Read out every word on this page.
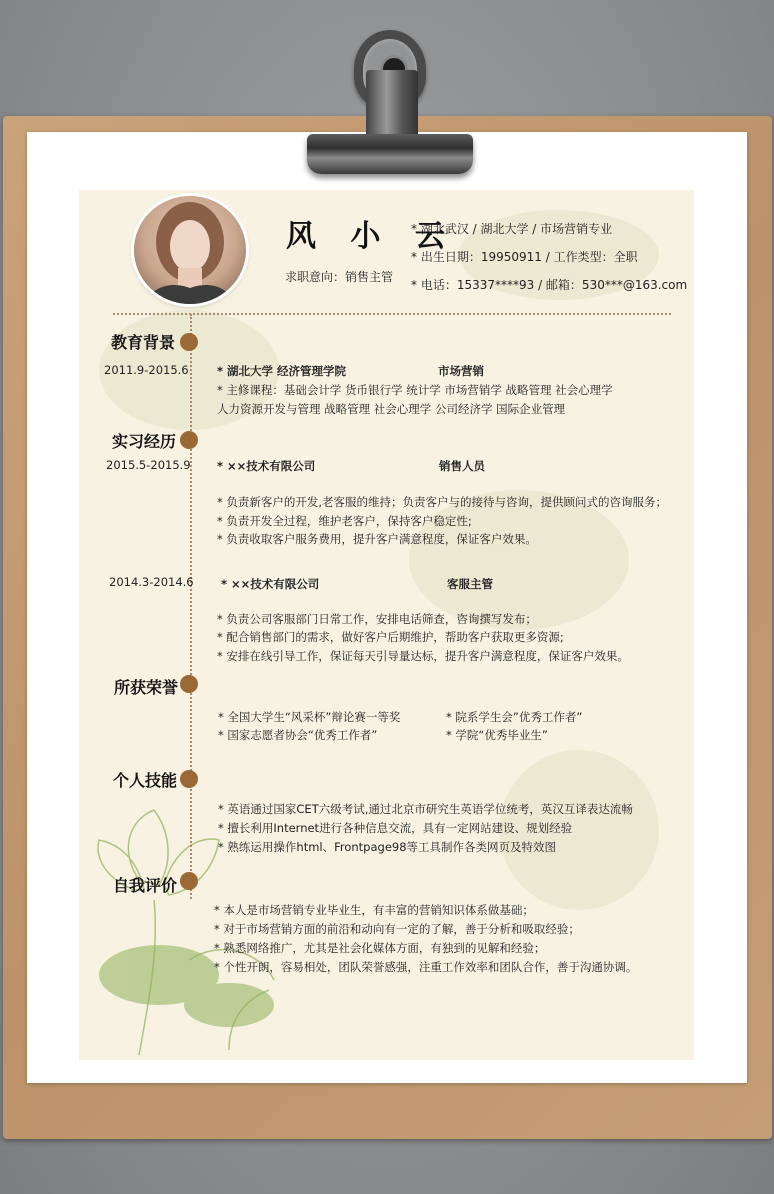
风 小 云
求职意向：销售主管
* 湖北武汉 / 湖北大学 / 市场营销专业
* 出生日期：19950911 / 工作类型：全职
* 电话：15337****93 / 邮箱：530***@163.com
教育背景
2011.9-2015.6 * 湖北大学 经济管理学院	市场营销
* 主修课程：基础会计学 货币银行学 统计学 市场营销学 战略管理 社会心理学
人力资源开发与管理 战略管理 社会心理学 公司经济学 国际企业管理
实习经历
2015.5-2015.9 * ××技术有限公司	销售人员
* 负责新客户的开发,老客服的维持；负责客户与的接待与咨询，提供顾问式的咨询服务；
* 负责开发全过程，维护老客户，保持客户稳定性;
* 负责收取客户服务费用，提升客户满意程度，保证客户效果。
2014.3-2014.6 * ××技术有限公司	客服主管
* 负责公司客服部门日常工作，安排电话筛查，咨询撰写发布；
* 配合销售部门的需求，做好客户后期维护，帮助客户获取更多资源;
* 安排在线引导工作，保证每天引导量达标，提升客户满意程度，保证客户效果。
所获荣誉
* 全国大学生“风采杯”辩论赛一等奖	* 院系学生会”优秀工作者”
* 国家志愿者协会“优秀工作者”	* 学院“优秀毕业生”
个人技能
* 英语通过国家CET六级考试,通过北京市研究生英语学位统考，英汉互译表达流畅
* 擅长利用Internet进行各种信息交流，具有一定网站建设、规划经验
* 熟练运用操作html、Frontpage98等工具制作各类网页及特效图
自我评价
* 本人是市场营销专业毕业生，有丰富的营销知识体系做基础；
* 对于市场营销方面的前沿和动向有一定的了解，善于分析和吸取经验；
* 熟悉网络推广，尤其是社会化媒体方面，有独到的见解和经验；
* 个性开朗，容易相处，团队荣誉感强，注重工作效率和团队合作，善于沟通协调。
